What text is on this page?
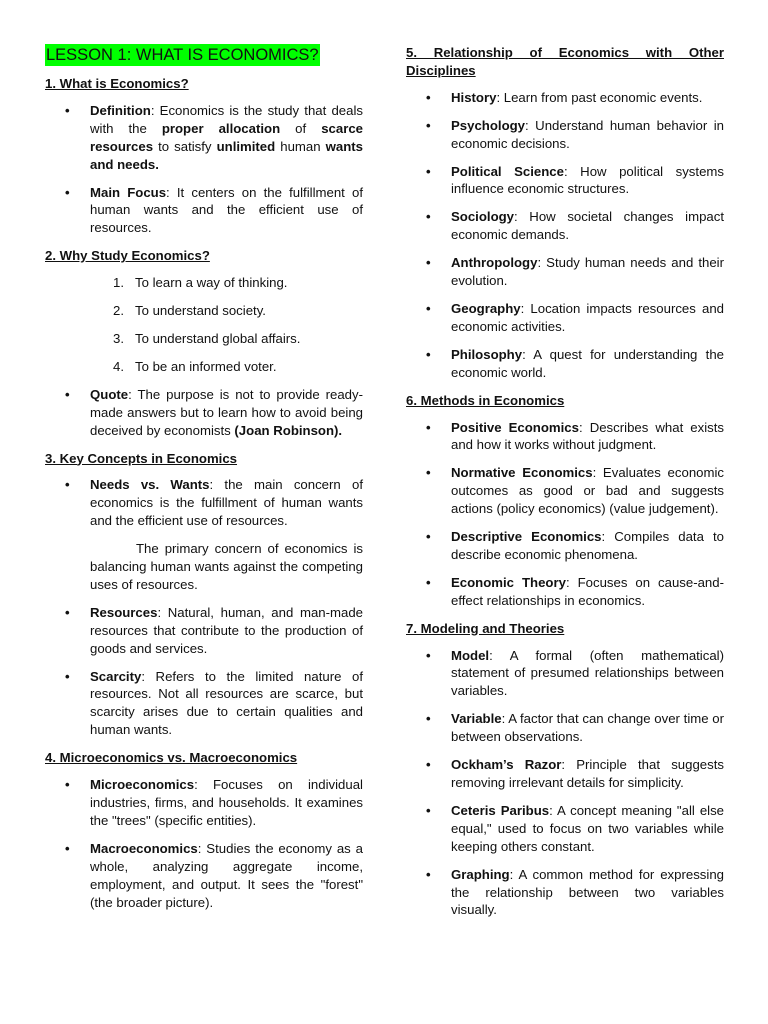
LESSON 1: WHAT IS ECONOMICS?
1. What is Economics?
• Definition: Economics is the study that deals with the proper allocation of scarce resources to satisfy unlimited human wants and needs.
• Main Focus: It centers on the fulfillment of human wants and the efficient use of resources.
2. Why Study Economics?
1. To learn a way of thinking.
2. To understand society.
3. To understand global affairs.
4. To be an informed voter.
• Quote: The purpose is not to provide ready-made answers but to learn how to avoid being deceived by economists (Joan Robinson).
3. Key Concepts in Economics
• Needs vs. Wants: the main concern of economics is the fulfillment of human wants and the efficient use of resources.

The primary concern of economics is balancing human wants against the competing uses of resources.

• Resources: Natural, human, and man-made resources that contribute to the production of goods and services.
• Scarcity: Refers to the limited nature of resources. Not all resources are scarce, but scarcity arises due to certain qualities and human wants.
4. Microeconomics vs. Macroeconomics
• Microeconomics: Focuses on individual industries, firms, and households. It examines the "trees" (specific entities).
• Macroeconomics: Studies the economy as a whole, analyzing aggregate income, employment, and output. It sees the "forest" (the broader picture).
5. Relationship of Economics with Other Disciplines
• History: Learn from past economic events.
• Psychology: Understand human behavior in economic decisions.
• Political Science: How political systems influence economic structures.
• Sociology: How societal changes impact economic demands.
• Anthropology: Study human needs and their evolution.
• Geography: Location impacts resources and economic activities.
• Philosophy: A quest for understanding the economic world.
6. Methods in Economics
• Positive Economics: Describes what exists and how it works without judgment.
• Normative Economics: Evaluates economic outcomes as good or bad and suggests actions (policy economics) (value judgement).
• Descriptive Economics: Compiles data to describe economic phenomena.
• Economic Theory: Focuses on cause-and-effect relationships in economics.
7. Modeling and Theories
• Model: A formal (often mathematical) statement of presumed relationships between variables.
• Variable: A factor that can change over time or between observations.
• Ockham’s Razor: Principle that suggests removing irrelevant details for simplicity.
• Ceteris Paribus: A concept meaning "all else equal," used to focus on two variables while keeping others constant.
• Graphing: A common method for expressing the relationship between two variables visually.
